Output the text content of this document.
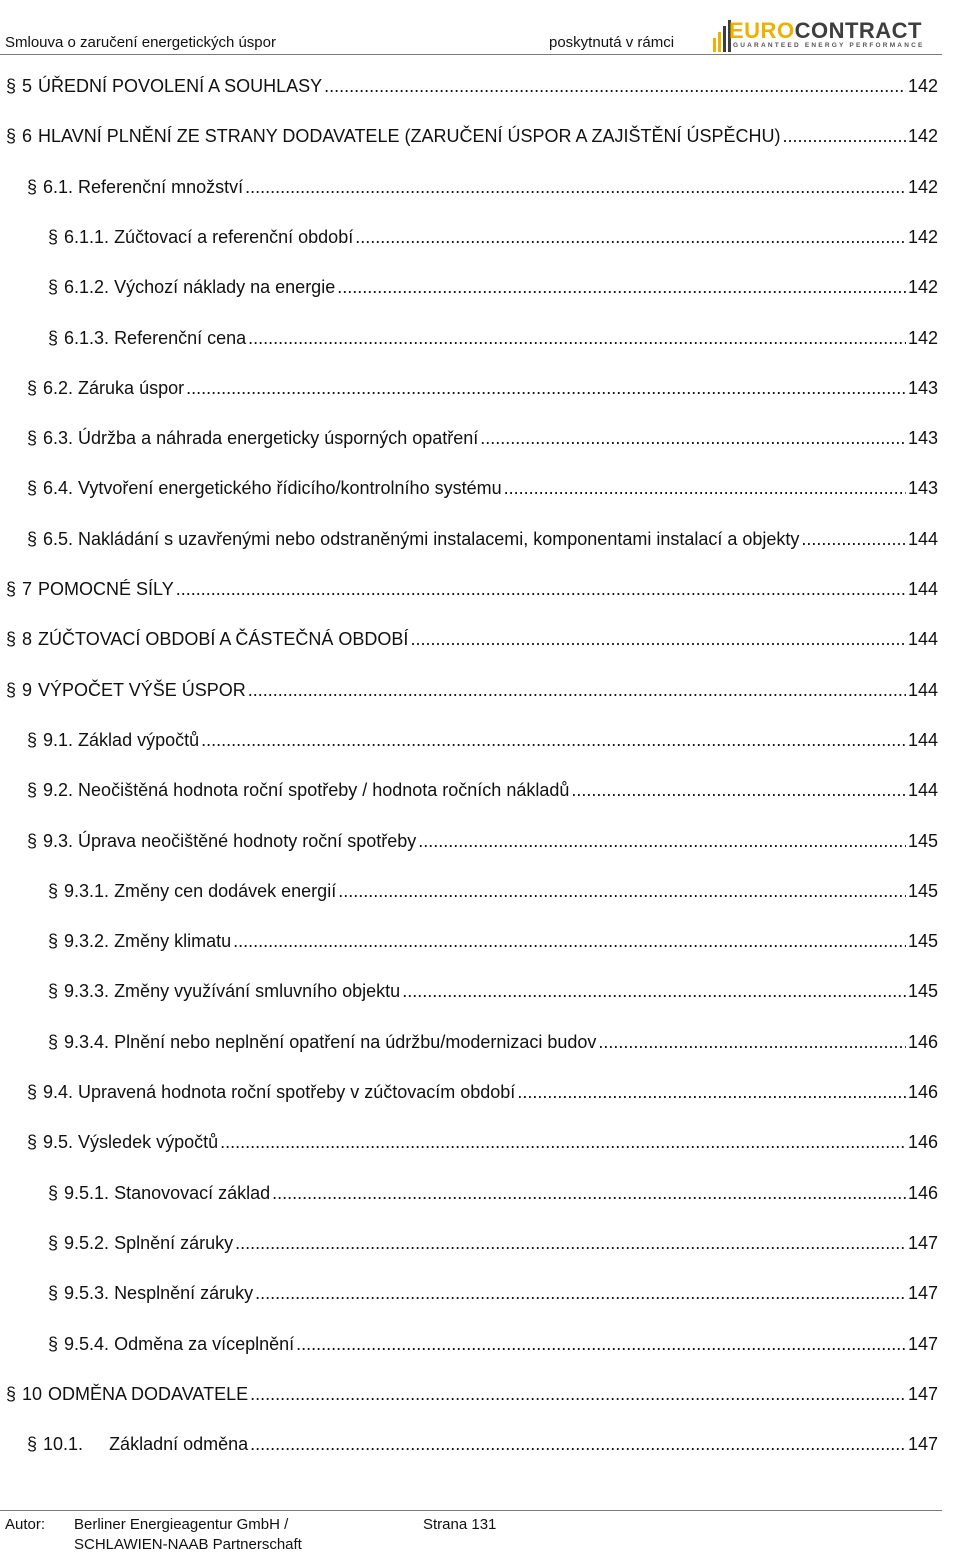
Smlouva o zaručení energetických úspor	poskytnutá v rámci EUROCONTRACT
GUARANTEED ENERGY PERFORMANCE
§ 5 ÚŘEDNÍ POVOLENÍ A SOUHLASY .....	142
§ 6 HLAVNÍ PLNĚNÍ ZE STRANY DODAVATELE (ZARUČENÍ ÚSPOR A ZAJIŠTĚNÍ ÚSPĚCHU) .....	142
§ 6.1. Referenční množství .....	142
§ 6.1.1. Zúčtovací a referenční období .....	142
§ 6.1.2. Výchozí náklady na energie .....	142
§ 6.1.3. Referenční cena .....	142
§ 6.2. Záruka úspor .....	143
§ 6.3. Údržba a náhrada energeticky úsporných opatření .....	143
§ 6.4. Vytvoření energetického řídicího/kontrolního systému .....	143
§ 6.5. Nakládání s uzavřenými nebo odstraněnými instalacemi, komponentami instalací a objekty .....	144
§ 7 POMOCNÉ SÍLY .....	144
§ 8 ZÚČTOVACÍ OBDOBÍ A ČÁSTEČNÁ OBDOBÍ .....	144
§ 9 VÝPOČET VÝŠE ÚSPOR .....	144
§ 9.1. Základ výpočtů .....	144
§ 9.2. Neočištěná hodnota roční spotřeby / hodnota ročních nákladů .....	144
§ 9.3. Úprava neočištěné hodnoty roční spotřeby .....	145
§ 9.3.1. Změny cen dodávek energií .....	145
§ 9.3.2. Změny klimatu .....	145
§ 9.3.3. Změny využívání smluvního objektu .....	145
§ 9.3.4. Plnění nebo neplnění opatření na údržbu/modernizaci budov .....	146
§ 9.4. Upravená hodnota roční spotřeby v zúčtovacím období .....	146
§ 9.5. Výsledek výpočtů .....	146
§ 9.5.1. Stanovovací základ .....	146
§ 9.5.2. Splnění záruky .....	147
§ 9.5.3. Nesplnění záruky .....	147
§ 9.5.4. Odměna za víceplnění .....	147
§ 10 ODMĚNA DODAVATELE .....	147
§ 10.1. Základní odměna .....	147
Autor: Berliner Energieagentur GmbH /
SCHLAWIEN-NAAB Partnerschaft
Strana 131
